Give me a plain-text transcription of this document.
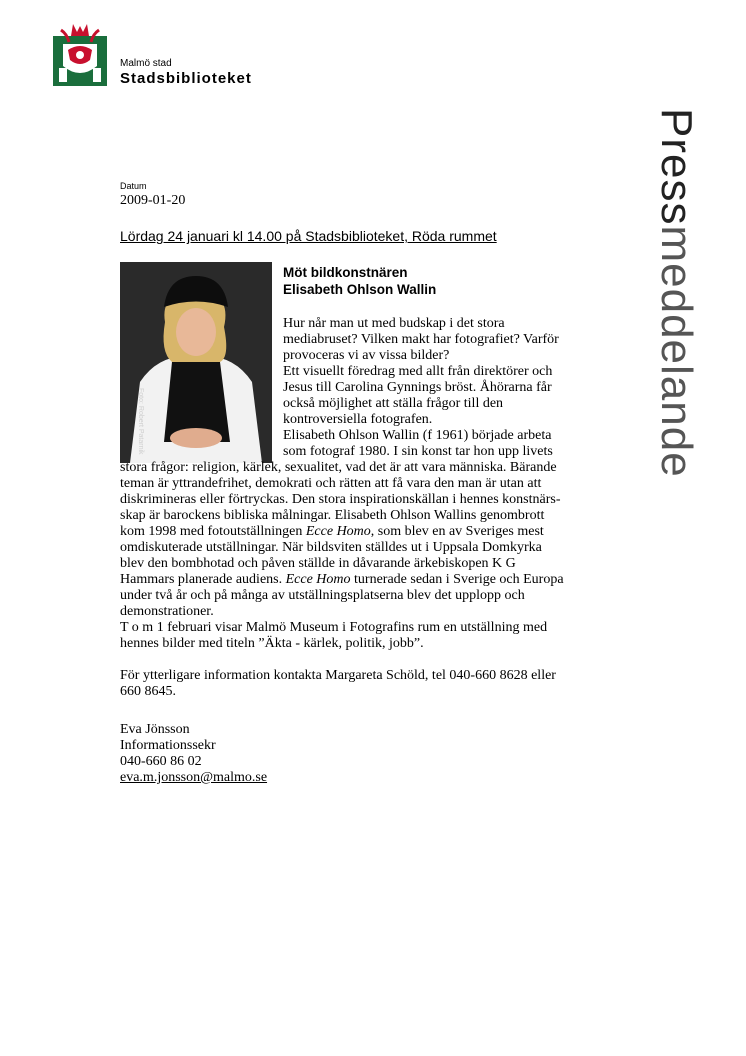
Malmö stad
Stadsbiblioteket
Pressmeddelande
Datum
2009-01-20
Lördag 24 januari kl 14.00 på Stadsbiblioteket, Röda rummet
Foto: Robert Patarnik
Möt bildkonstnären
Elisabeth Ohlson Wallin
Hur når man ut med budskap i det stora
mediabruset? Vilken makt har fotografiet? Varför
provoceras vi av vissa bilder?
Ett visuellt föredrag med allt från direktörer och
Jesus till Carolina Gynnings bröst. Åhörarna får
också möjlighet att ställa frågor till den
kontroversiella fotografen.
Elisabeth Ohlson Wallin (f 1961) började arbeta
som fotograf 1980. I sin konst tar hon upp livets
stora frågor: religion, kärlek, sexualitet, vad det är att vara människa. Bärande
teman är yttrandefrihet, demokrati och rätten att få vara den man är utan att
diskrimineras eller förtryckas. Den stora inspirationskällan i hennes konstnärs-
skap är barockens bibliska målningar. Elisabeth Ohlson Wallins genombrott
kom 1998 med fotoutställningen Ecce Homo, som blev en av Sveriges mest
omdiskuterade utställningar. När bildsviten ställdes ut i Uppsala Domkyrka
blev den bombhotad och påven ställde in dåvarande ärkebiskopen K G
Hammars planerade audiens. Ecce Homo turnerade sedan i Sverige och Europa
under två år och på många av utställningsplatserna blev det upplopp och
demonstrationer.
T o m 1 februari visar Malmö Museum i Fotografins rum en utställning med
hennes bilder med titeln ”Äkta - kärlek, politik, jobb”.
För ytterligare information kontakta Margareta Schöld, tel 040-660 8628 eller
660 8645.
Eva Jönsson
Informationssekr
040-660 86 02
eva.m.jonsson@malmo.se
